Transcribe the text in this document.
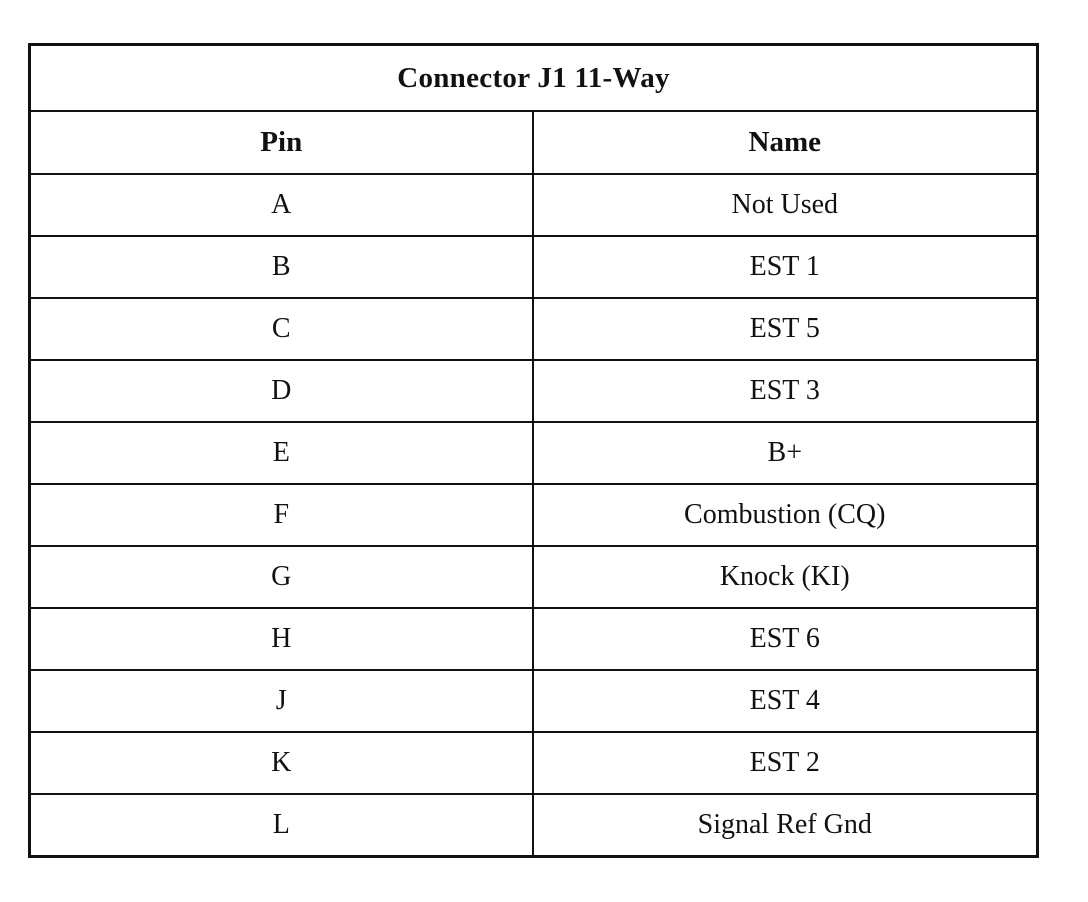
Connector J1 11-Way	
Pin	Name
A	Not Used
B	EST 1
C	EST 5
D	EST 3
E	B+
F	Combustion (CQ)
G	Knock (KI)
H	EST 6
J	EST 4
K	EST 2
L	Signal Ref Gnd
